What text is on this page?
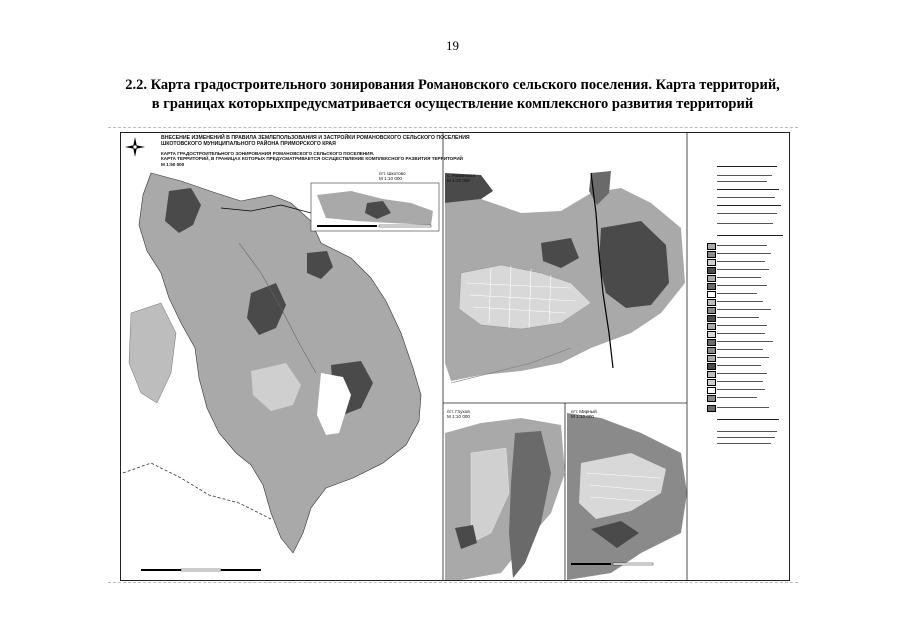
19
2.2. Карта градостроительного зонирования Романовского сельского поселения. Карта территорий,
в границах которыхпредусматривается осуществление комплексного развития территорий
ВНЕСЕНИЕ ИЗМЕНЕНИЙ В ПРАВИЛА ЗЕМЛЕПОЛЬЗОВАНИЯ И ЗАСТРОЙКИ РОМАНОВСКОГО СЕЛЬСКОГО ПОСЕЛЕНИЯ
ШКОТОВСКОГО МУНИЦИПАЛЬНОГО РАЙОНА ПРИМОРСКОГО КРАЯ
КАРТА ГРАДОСТРОИТЕЛЬНОГО ЗОНИРОВАНИЯ РОМАНОВСКОГО СЕЛЬСКОГО ПОСЕЛЕНИЯ.
КАРТА ТЕРРИТОРИЙ, В ГРАНИЦАХ КОТОРЫХ ПРЕДУСМАТРИВАЕТСЯ ОСУЩЕСТВЛЕНИЕ КОМПЛЕКСНОГО РАЗВИТИЯ ТЕРРИТОРИЙ
М 1:50 000
пгт. Шкотово
М 1:10 000
с. Романовка
М 1:10 000
пгт. Глухов
М 1:10 000
пгт. Мирный
М 1:10 000
